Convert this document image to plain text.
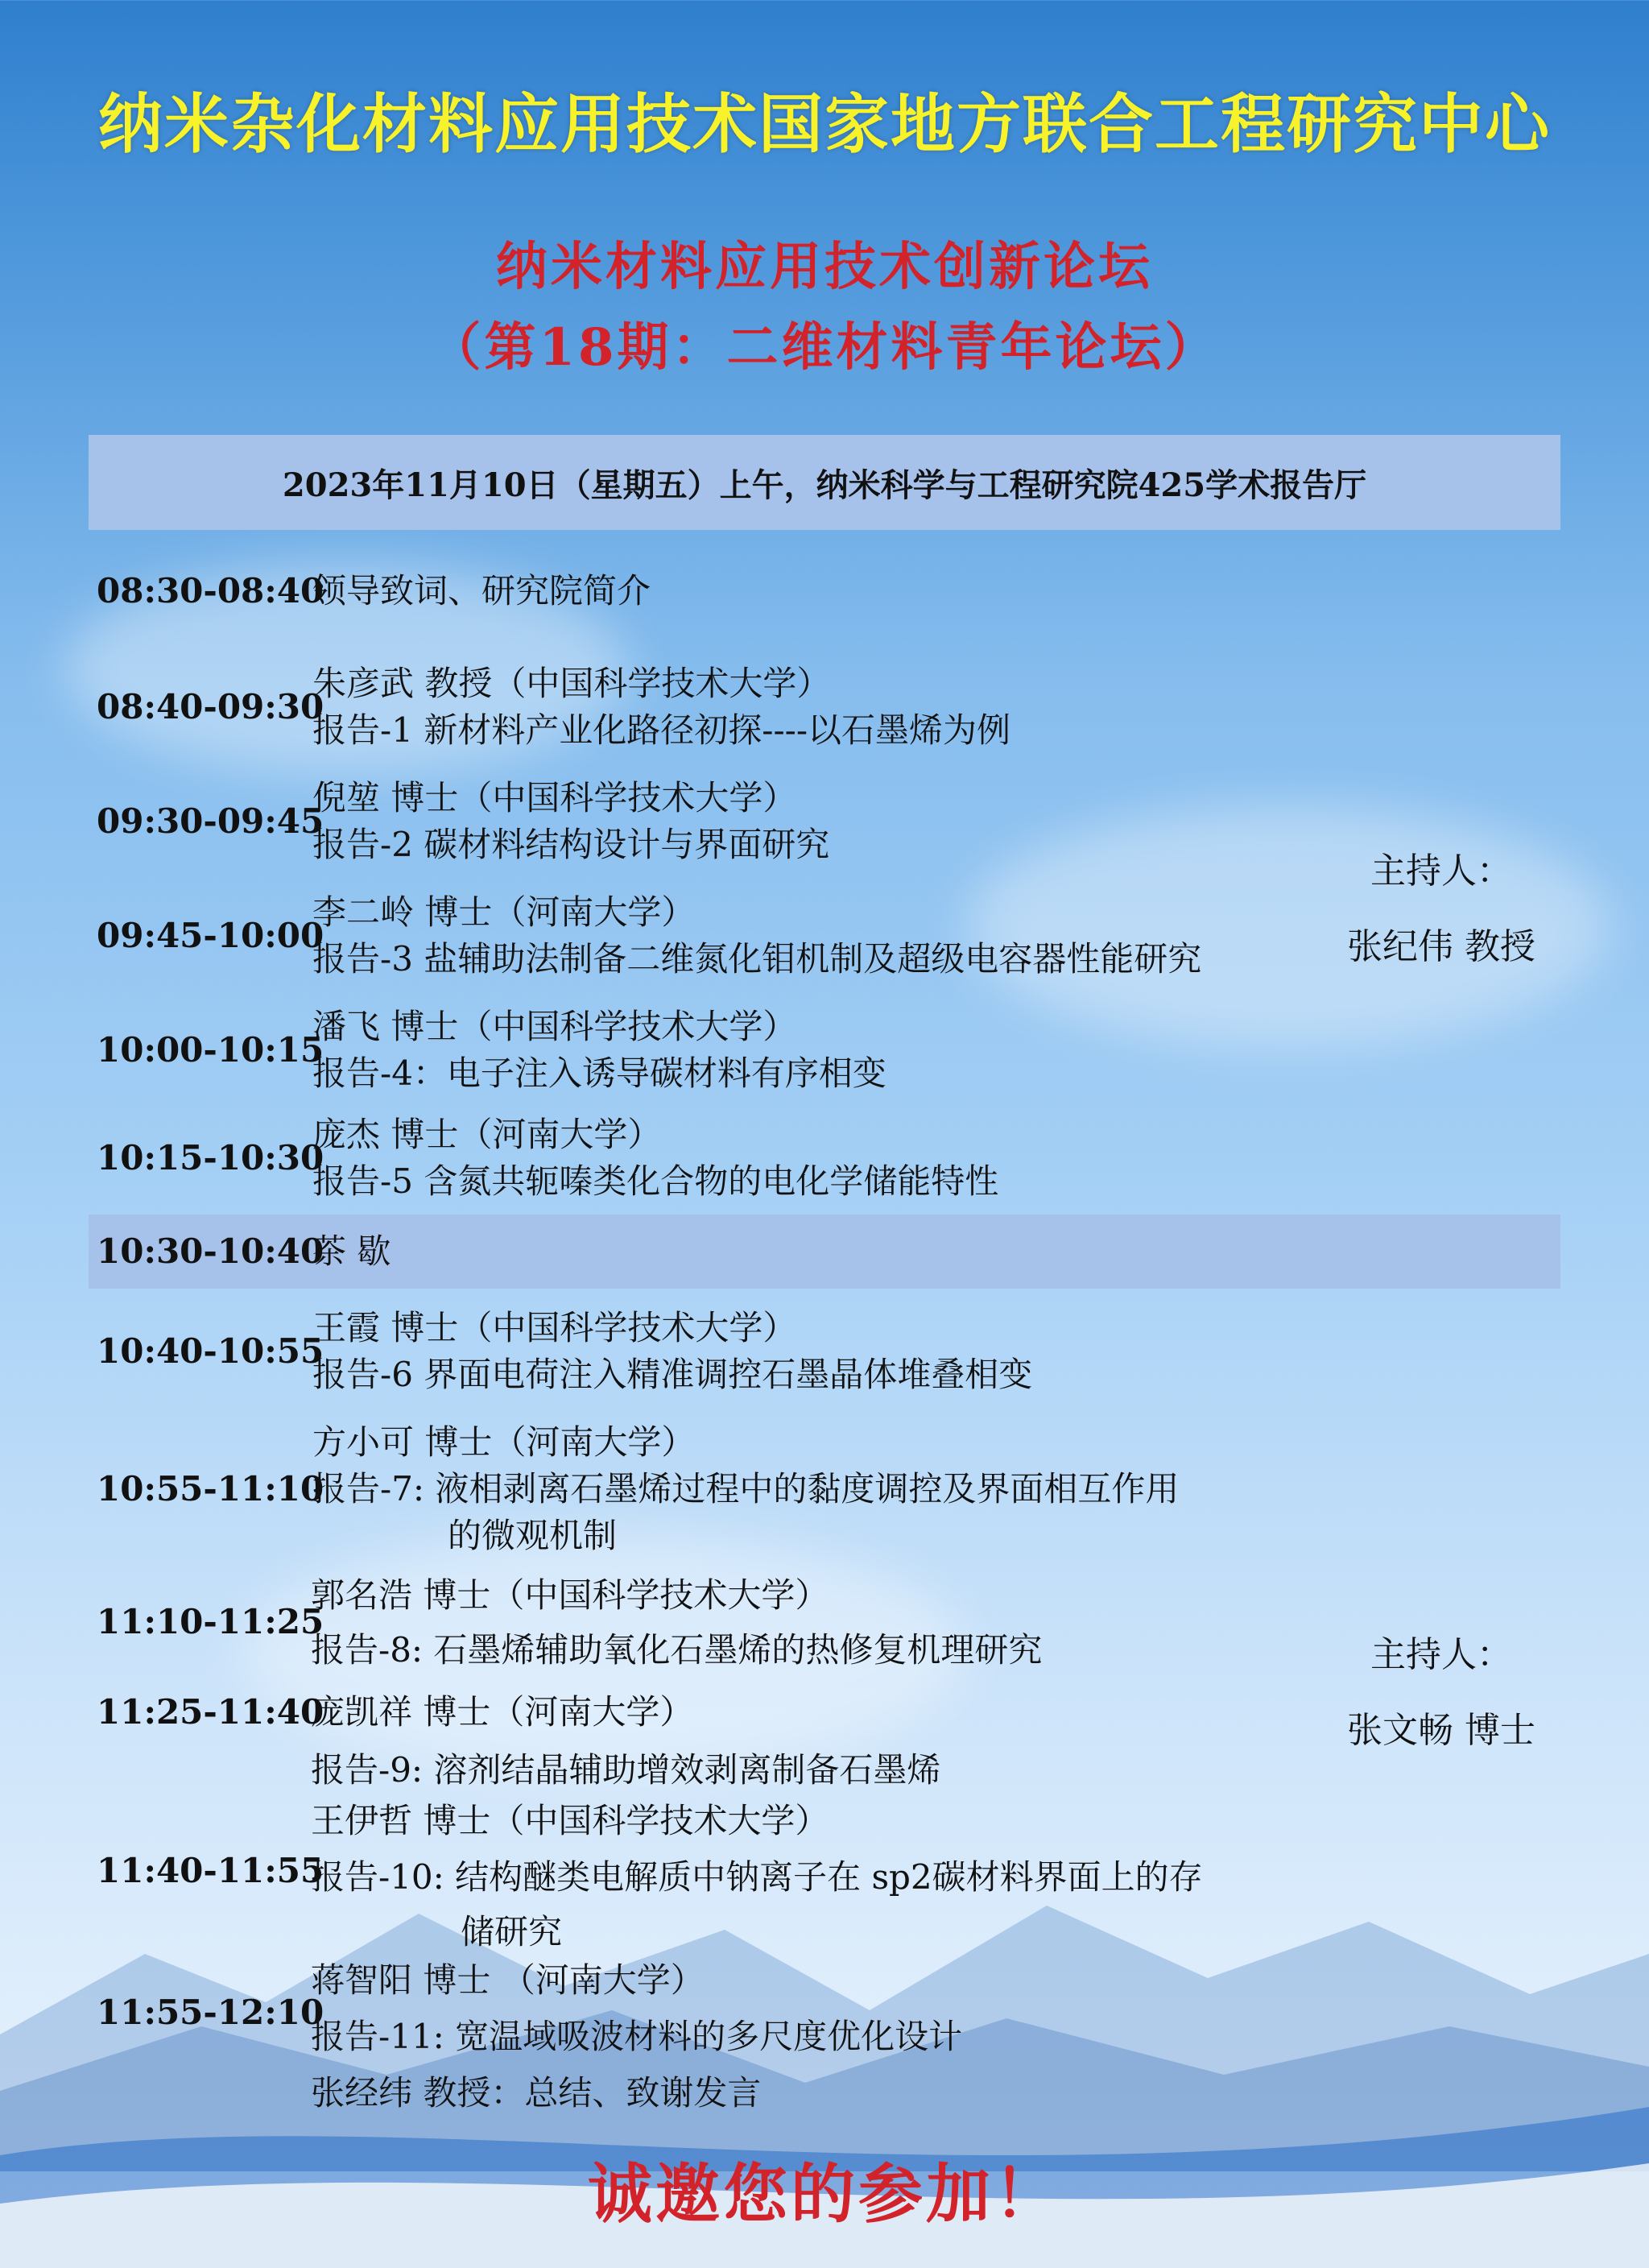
纳米杂化材料应用技术国家地方联合工程研究中心
纳米材料应用技术创新论坛
（第18期：二维材料青年论坛）
2023年11月10日（星期五）上午，纳米科学与工程研究院425学术报告厅
08:30-08:40
领导致词、研究院简介
08:40-09:30
朱彦武 教授（中国科学技术大学）
报告-1 新材料产业化路径初探----以石墨烯为例
09:30-09:45
倪堃 博士（中国科学技术大学）
报告-2 碳材料结构设计与界面研究
09:45-10:00
李二岭 博士（河南大学）
报告-3 盐辅助法制备二维氮化钼机制及超级电容器性能研究
10:00-10:15
潘飞 博士（中国科学技术大学）
报告-4：电子注入诱导碳材料有序相变
10:15-10:30
庞杰 博士（河南大学）
报告-5 含氮共轭嗪类化合物的电化学储能特性
10:30-10:40
茶 歇
10:40-10:55
王霞 博士（中国科学技术大学）
报告-6 界面电荷注入精准调控石墨晶体堆叠相变
10:55-11:10
方小可 博士（河南大学）
报告-7: 液相剥离石墨烯过程中的黏度调控及界面相互作用
的微观机制
11:10-11:25
郭名浩 博士（中国科学技术大学）
报告-8: 石墨烯辅助氧化石墨烯的热修复机理研究
11:25-11:40
庞凯祥 博士（河南大学）
报告-9: 溶剂结晶辅助增效剥离制备石墨烯
11:40-11:55
王伊哲 博士（中国科学技术大学）
报告-10: 结构醚类电解质中钠离子在 sp2碳材料界面上的存
储研究
11:55-12:10
蒋智阳 博士 （河南大学）
报告-11: 宽温域吸波材料的多尺度优化设计
张经纬 教授：总结、致谢发言
主持人：
张纪伟 教授
主持人：
张文畅 博士
诚邀您的参加！
